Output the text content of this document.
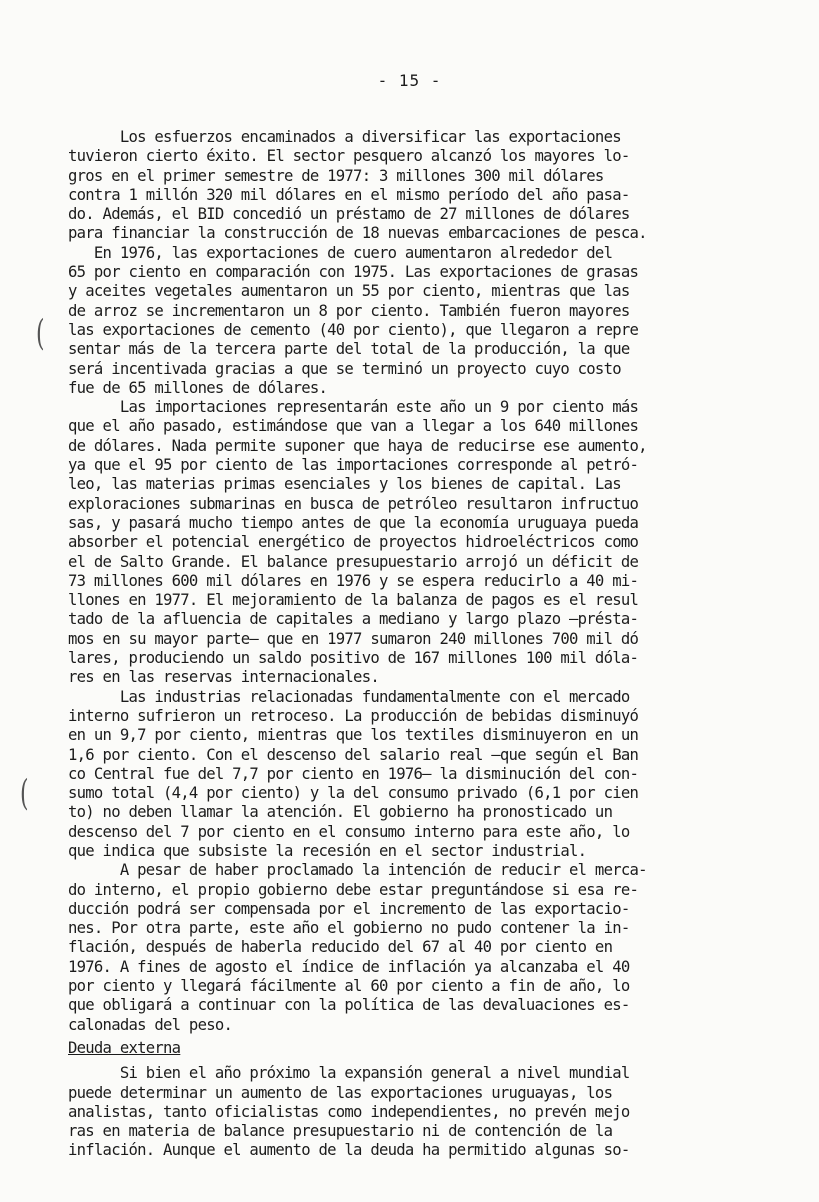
- 15 -
(
(
Los esfuerzos encaminados a diversificar las exportaciones
tuvieron cierto éxito. El sector pesquero alcanzó los mayores lo-
gros en el primer semestre de 1977: 3 millones 300 mil dólares
contra 1 millón 320 mil dólares en el mismo período del año pasa-
do. Además, el BID concedió un préstamo de 27 millones de dólares
para financiar la construcción de 18 nuevas embarcaciones de pesca.
En 1976, las exportaciones de cuero aumentaron alrededor del
65 por ciento en comparación con 1975. Las exportaciones de grasas
y aceites vegetales aumentaron un 55 por ciento, mientras que las
de arroz se incrementaron un 8 por ciento. También fueron mayores
las exportaciones de cemento (40 por ciento), que llegaron a repre
sentar más de la tercera parte del total de la producción, la que
será incentivada gracias a que se terminó un proyecto cuyo costo
fue de 65 millones de dólares.
Las importaciones representarán este año un 9 por ciento más
que el año pasado, estimándose que van a llegar a los 640 millones
de dólares. Nada permite suponer que haya de reducirse ese aumento,
ya que el 95 por ciento de las importaciones corresponde al petró-
leo, las materias primas esenciales y los bienes de capital. Las
exploraciones submarinas en busca de petróleo resultaron infructuo
sas, y pasará mucho tiempo antes de que la economía uruguaya pueda
absorber el potencial energético de proyectos hidroeléctricos como
el de Salto Grande. El balance presupuestario arrojó un déficit de
73 millones 600 mil dólares en 1976 y se espera reducirlo a 40 mi-
llones en 1977. El mejoramiento de la balanza de pagos es el resul
tado de la afluencia de capitales a mediano y largo plazo —présta-
mos en su mayor parte— que en 1977 sumaron 240 millones 700 mil dó
lares, produciendo un saldo positivo de 167 millones 100 mil dóla-
res en las reservas internacionales.
Las industrias relacionadas fundamentalmente con el mercado
interno sufrieron un retroceso. La producción de bebidas disminuyó
en un 9,7 por ciento, mientras que los textiles disminuyeron en un
1,6 por ciento. Con el descenso del salario real —que según el Ban
co Central fue del 7,7 por ciento en 1976— la disminución del con-
sumo total (4,4 por ciento) y la del consumo privado (6,1 por cien
to) no deben llamar la atención. El gobierno ha pronosticado un
descenso del 7 por ciento en el consumo interno para este año, lo
que indica que subsiste la recesión en el sector industrial.
A pesar de haber proclamado la intención de reducir el merca-
do interno, el propio gobierno debe estar preguntándose si esa re-
ducción podrá ser compensada por el incremento de las exportacio-
nes. Por otra parte, este año el gobierno no pudo contener la in-
flación, después de haberla reducido del 67 al 40 por ciento en
1976. A fines de agosto el índice de inflación ya alcanzaba el 40
por ciento y llegará fácilmente al 60 por ciento a fin de año, lo
que obligará a continuar con la política de las devaluaciones es-
calonadas del peso.
Deuda externa
Si bien el año próximo la expansión general a nivel mundial
puede determinar un aumento de las exportaciones uruguayas, los
analistas, tanto oficialistas como independientes, no prevén mejo
ras en materia de balance presupuestario ni de contención de la
inflación. Aunque el aumento de la deuda ha permitido algunas so-
